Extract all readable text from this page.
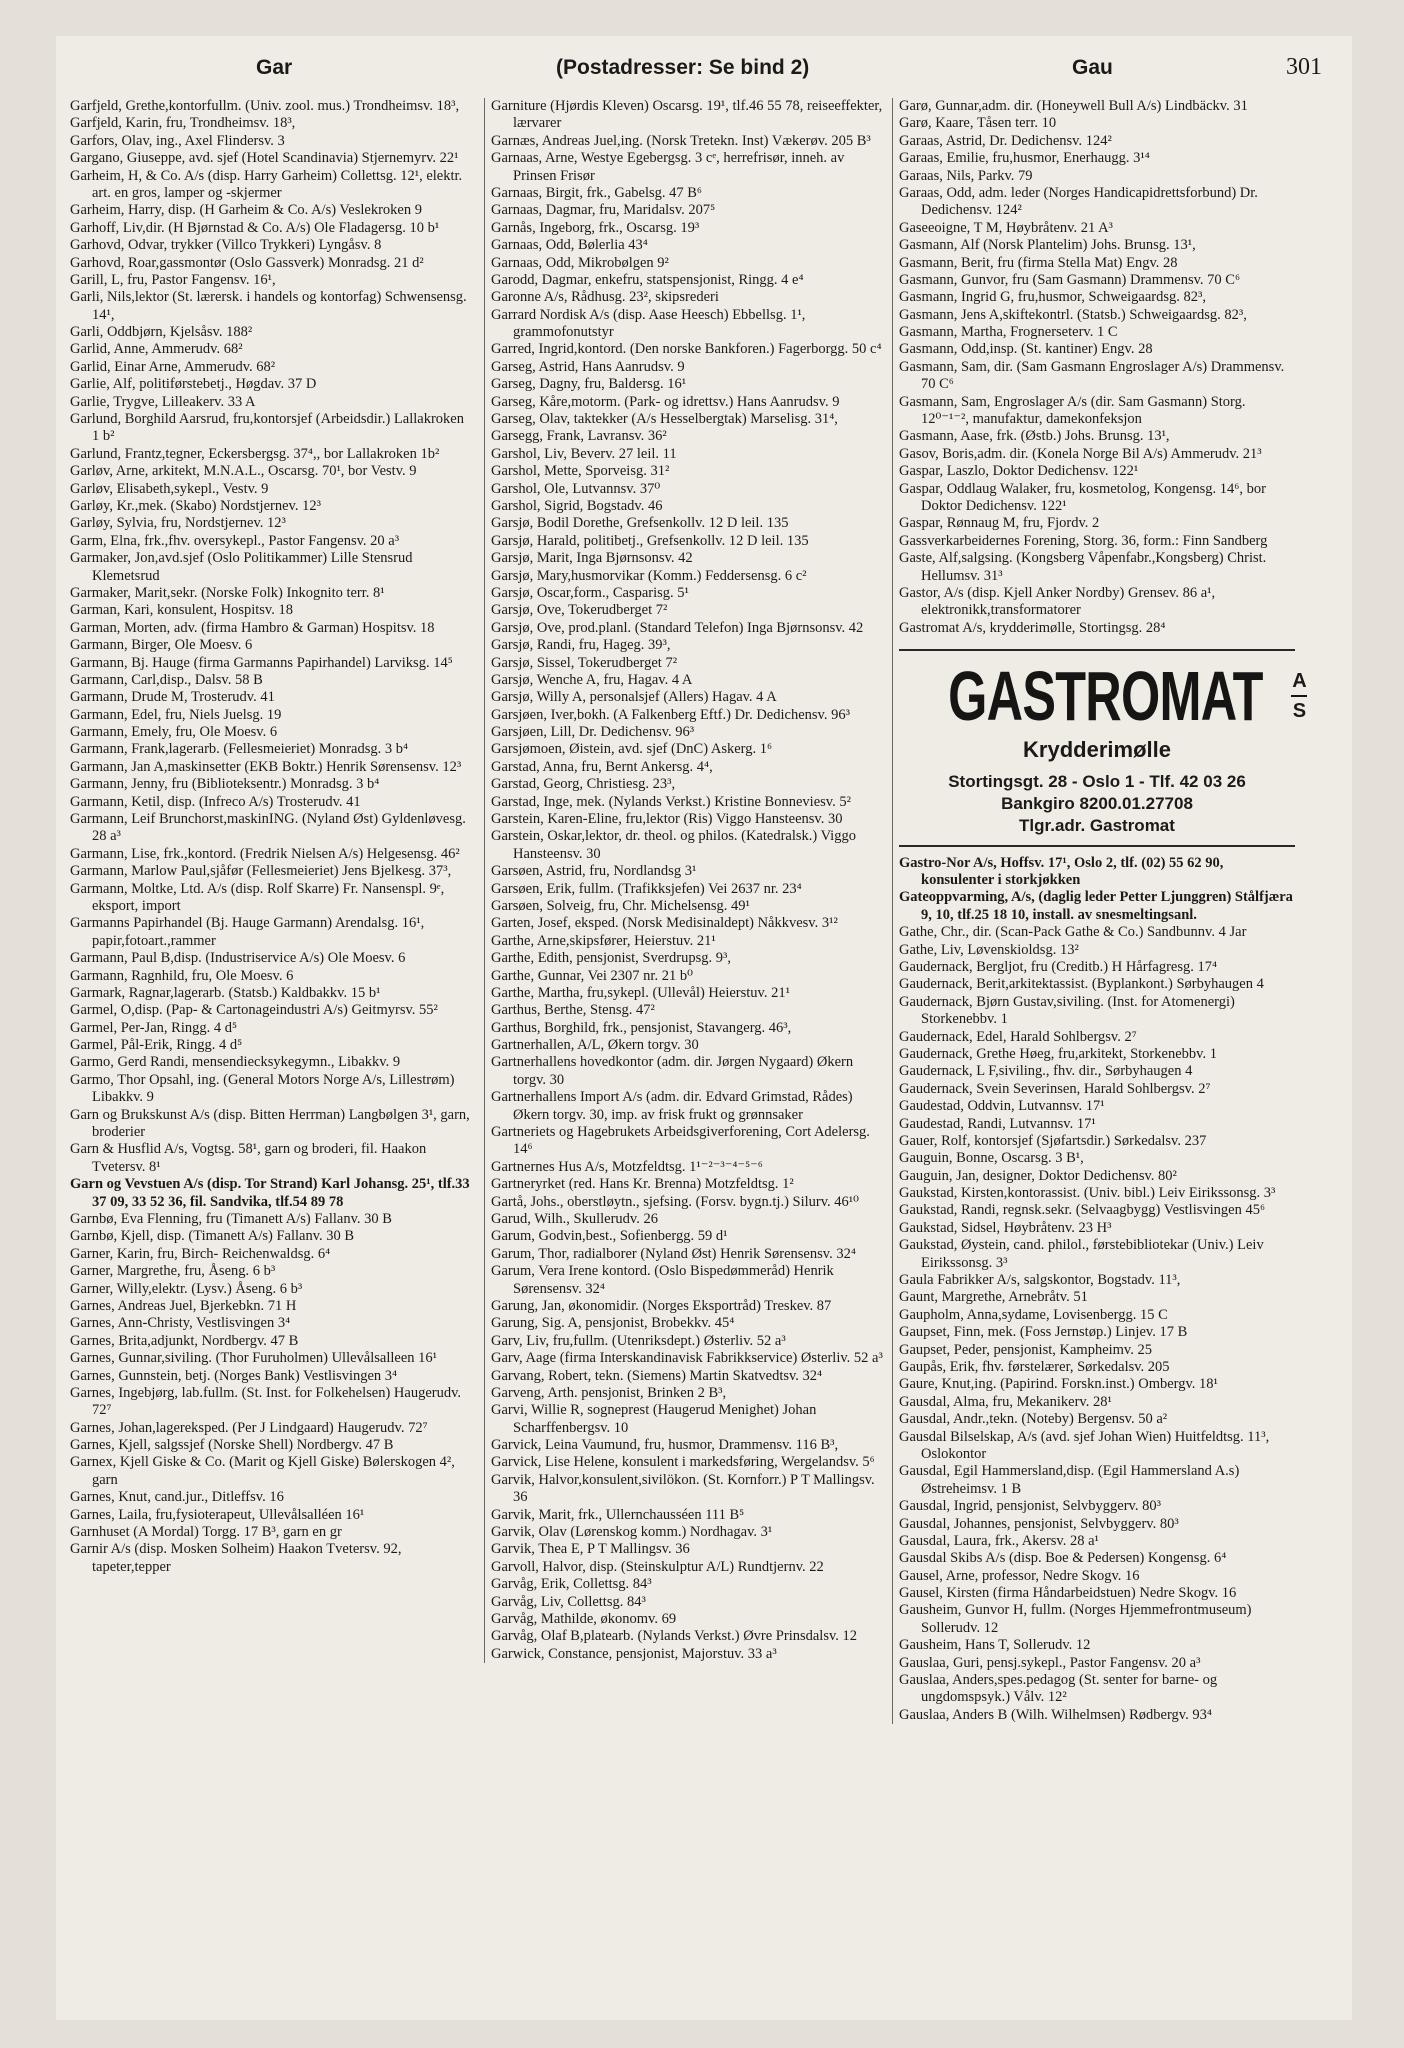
Gar	(Postadresser: Se bind 2)	Gau	301

Garfjeld, Grethe,kontorfullm. (Univ. zool. mus.) Trondheimsv. 18³,

Garfjeld, Karin, fru, Trondheimsv. 18³,

Garfors, Olav, ing., Axel Flindersv. 3

Gargano, Giuseppe, avd. sjef (Hotel Scandinavia) Stjernemyrv. 22¹

Garheim, H, & Co. A/s (disp. Harry Garheim) Collettsg. 12¹, elektr. art. en gros, lamper og -skjermer

Garheim, Harry, disp. (H Garheim & Co. A/s) Veslekroken 9

Garhoff, Liv,dir. (H Bjørnstad & Co. A/s) Ole Fladagersg. 10 b¹

Garhovd, Odvar, trykker (Villco Trykkeri) Lyngåsv. 8

Garhovd, Roar,gassmontør (Oslo Gassverk) Monradsg. 21 d²

Garill, L, fru, Pastor Fangensv. 16¹,

Garli, Nils,lektor (St. lærersk. i handels og kontorfag) Schwensensg. 14¹,

Garli, Oddbjørn, Kjelsåsv. 188²

Garlid, Anne, Ammerudv. 68²

Garlid, Einar Arne, Ammerudv. 68²

Garlie, Alf, politiførstebetj., Høgdav. 37 D

Garlie, Trygve, Lilleakerv. 33 A

Garlund, Borghild Aarsrud, fru,kontorsjef (Arbeidsdir.) Lallakroken 1 b²

Garlund, Frantz,tegner, Eckersbergsg. 37⁴,, bor Lallakroken 1b²

Garløv, Arne, arkitekt, M.N.A.L., Oscarsg. 70¹, bor Vestv. 9

Garløv, Elisabeth,sykepl., Vestv. 9

Garløy, Kr.,mek. (Skabo) Nordstjernev. 12³

Garløy, Sylvia, fru, Nordstjernev. 12³

Garm, Elna, frk.,fhv. oversykepl., Pastor Fangensv. 20 a³

Garmaker, Jon,avd.sjef (Oslo Politikammer) Lille Stensrud Klemetsrud

Garmaker, Marit,sekr. (Norske Folk) Inkognito terr. 8¹

Garman, Kari, konsulent, Hospitsv. 18

Garman, Morten, adv. (firma Hambro & Garman) Hospitsv. 18

Garmann, Birger, Ole Moesv. 6

Garmann, Bj. Hauge (firma Garmanns Papirhandel) Larviksg. 14⁵

Garmann, Carl,disp., Dalsv. 58 B

Garmann, Drude M, Trosterudv. 41

Garmann, Edel, fru, Niels Juelsg. 19

Garmann, Emely, fru, Ole Moesv. 6

Garmann, Frank,lagerarb. (Fellesmeieriet) Monradsg. 3 b⁴

Garmann, Jan A,maskinsetter (EKB Boktr.) Henrik Sørensensv. 12³

Garmann, Jenny, fru (Biblioteksentr.) Monradsg. 3 b⁴

Garmann, Ketil, disp. (Infreco A/s) Trosterudv. 41

Garmann, Leif Brunchorst,maskinING. (Nyland Øst) Gyldenløvesg. 28 a³

Garmann, Lise, frk.,kontord. (Fredrik Nielsen A/s) Helgesensg. 46²

Garmann, Marlow Paul,sjåfør (Fellesmeieriet) Jens Bjelkesg. 37³,

Garmann, Moltke, Ltd. A/s (disp. Rolf Skarre) Fr. Nansenspl. 9ᵉ, eksport, import

Garmanns Papirhandel (Bj. Hauge Garmann) Arendalsg. 16¹, papir,fotoart.,rammer

Garmann, Paul B,disp. (Industriservice A/s) Ole Moesv. 6

Garmann, Ragnhild, fru, Ole Moesv. 6

Garmark, Ragnar,lagerarb. (Statsb.) Kaldbakkv. 15 b¹

Garmel, O,disp. (Pap- & Cartonageindustri A/s) Geitmyrsv. 55²

Garmel, Per-Jan, Ringg. 4 d⁵

Garmel, Pål-Erik, Ringg. 4 d⁵

Garmo, Gerd Randi, mensendiecksykegymn., Libakkv. 9

Garmo, Thor Opsahl, ing. (General Motors Norge A/s, Lillestrøm) Libakkv. 9

Garn og Brukskunst A/s (disp. Bitten Herrman) Langbølgen 3¹, garn, broderier

Garn & Husflid A/s, Vogtsg. 58¹, garn og broderi, fil. Haakon Tvetersv. 8¹

Garn og Vevstuen A/s (disp. Tor Strand) Karl Johansg. 25¹, tlf.33 37 09, 33 52 36, fil. Sandvika, tlf.54 89 78

Garnbø, Eva Flenning, fru (Timanett A/s) Fallanv. 30 B

Garnbø, Kjell, disp. (Timanett A/s) Fallanv. 30 B

Garner, Karin, fru, Birch- Reichenwaldsg. 6⁴

Garner, Margrethe, fru, Åseng. 6 b³

Garner, Willy,elektr. (Lysv.) Åseng. 6 b³

Garnes, Andreas Juel, Bjerkebkn. 71 H

Garnes, Ann-Christy, Vestlisvingen 3⁴

Garnes, Brita,adjunkt, Nordbergv. 47 B

Garnes, Gunnar,siviling. (Thor Furuholmen) Ullevålsalleen 16¹

Garnes, Gunnstein, betj. (Norges Bank) Vestlisvingen 3⁴

Garnes, Ingebjørg, lab.fullm. (St. Inst. for Folkehelsen) Haugerudv. 72⁷

Garnes, Johan,lagereksped. (Per J Lindgaard) Haugerudv. 72⁷

Garnes, Kjell, salgssjef (Norske Shell) Nordbergv. 47 B

Garnex, Kjell Giske & Co. (Marit og Kjell Giske) Bølerskogen 4², garn

Garnes, Knut, cand.jur., Ditleffsv. 16

Garnes, Laila, fru,fysioterapeut, Ullevålsalléen 16¹

Garnhuset (A Mordal) Torgg. 17 B³, garn en gr

Garnir A/s (disp. Mosken Solheim) Haakon Tvetersv. 92, tapeter,tepper

Garniture (Hjørdis Kleven) Oscarsg. 19¹, tlf.46 55 78, reiseeffekter, lærvarer

Garnæs, Andreas Juel,ing. (Norsk Tretekn. Inst) Vækerøv. 205 B³

Garnaas, Arne, Westye Egebergsg. 3 cᵉ, herrefrisør, inneh. av Prinsen Frisør

Garnaas, Birgit, frk., Gabelsg. 47 B⁶

Garnaas, Dagmar, fru, Maridalsv. 207⁵

Garnås, Ingeborg, frk., Oscarsg. 19³

Garnaas, Odd, Bølerlia 43⁴

Garnaas, Odd, Mikrobølgen 9²

Garodd, Dagmar, enkefru, statspensjonist, Ringg. 4 e⁴

Garonne A/s, Rådhusg. 23², skipsrederi

Garrard Nordisk A/s (disp. Aase Heesch) Ebbellsg. 1¹, grammofonutstyr

Garred, Ingrid,kontord. (Den norske Bankforen.) Fagerborgg. 50 c⁴

Garseg, Astrid, Hans Aanrudsv. 9

Garseg, Dagny, fru, Baldersg. 16¹

Garseg, Kåre,motorm. (Park- og idrettsv.) Hans Aanrudsv. 9

Garseg, Olav, taktekker (A/s Hesselbergtak) Marselisg. 31⁴,

Garsegg, Frank, Lavransv. 36²

Garshol, Liv, Beverv. 27 leil. 11

Garshol, Mette, Sporveisg. 31²

Garshol, Ole, Lutvannsv. 37⁰

Garshol, Sigrid, Bogstadv. 46

Garsjø, Bodil Dorethe, Grefsenkollv. 12 D leil. 135

Garsjø, Harald, politibetj., Grefsenkollv. 12 D leil. 135

Garsjø, Marit, Inga Bjørnsonsv. 42

Garsjø, Mary,husmorvikar (Komm.) Feddersensg. 6 c²

Garsjø, Oscar,form., Casparisg. 5¹

Garsjø, Ove, Tokerudberget 7²

Garsjø, Ove, prod.planl. (Standard Telefon) Inga Bjørnsonsv. 42

Garsjø, Randi, fru, Hageg. 39³,

Garsjø, Sissel, Tokerudberget 7²

Garsjø, Wenche A, fru, Hagav. 4 A

Garsjø, Willy A, personalsjef (Allers) Hagav. 4 A

Garsjøen, Iver,bokh. (A Falkenberg Eftf.) Dr. Dedichensv. 96³

Garsjøen, Lill, Dr. Dedichensv. 96³

Garsjømoen, Øistein, avd. sjef (DnC) Askerg. 1⁶

Garstad, Anna, fru, Bernt Ankersg. 4⁴,

Garstad, Georg, Christiesg. 23³,

Garstad, Inge, mek. (Nylands Verkst.) Kristine Bonneviesv. 5²

Garstein, Karen-Eline, fru,lektor (Ris) Viggo Hansteensv. 30

Garstein, Oskar,lektor, dr. theol. og philos. (Katedralsk.) Viggo Hansteensv. 30

Garsøen, Astrid, fru, Nordlandsg 3¹

Garsøen, Erik, fullm. (Trafikksjefen) Vei 2637 nr. 23⁴

Garsøen, Solveig, fru, Chr. Michelsensg. 49¹

Garten, Josef, eksped. (Norsk Medisinaldept) Nåkkvesv. 3¹²

Garthe, Arne,skipsfører, Heierstuv. 21¹

Garthe, Edith, pensjonist, Sverdrupsg. 9³,

Garthe, Gunnar, Vei 2307 nr. 21 b⁰

Garthe, Martha, fru,sykepl. (Ullevål) Heierstuv. 21¹

Garthus, Berthe, Stensg. 47²

Garthus, Borghild, frk., pensjonist, Stavangerg. 46³,

Gartnerhallen, A/L, Økern torgv. 30

Gartnerhallens hovedkontor (adm. dir. Jørgen Nygaard) Økern torgv. 30

Gartnerhallens Import A/s (adm. dir. Edvard Grimstad, Rådes) Økern torgv. 30, imp. av frisk frukt og grønnsaker

Gartneriets og Hagebrukets Arbeidsgiverforening, Cort Adelersg. 14⁶

Gartnernes Hus A/s, Motzfeldtsg. 1¹⁻²⁻³⁻⁴⁻⁵⁻⁶

Gartneryrket (red. Hans Kr. Brenna) Motzfeldtsg. 1²

Gartå, Johs., oberstløytn., sjefsing. (Forsv. bygn.tj.) Silurv. 46¹⁰

Garud, Wilh., Skullerudv. 26

Garum, Godvin,best., Sofienbergg. 59 d¹

Garum, Thor, radialborer (Nyland Øst) Henrik Sørensensv. 32⁴

Garum, Vera Irene kontord. (Oslo Bispedømmeråd) Henrik Sørensensv. 32⁴

Garung, Jan, økonomidir. (Norges Eksportråd) Treskev. 87

Garung, Sig. A, pensjonist, Brobekkv. 45⁴

Garv, Liv, fru,fullm. (Utenriksdept.) Østerliv. 52 a³

Garv, Aage (firma Interskandinavisk Fabrikkservice) Østerliv. 52 a³

Garvang, Robert, tekn. (Siemens) Martin Skatvedtsv. 32⁴

Garveng, Arth. pensjonist, Brinken 2 B³,

Garvi, Willie R, sogneprest (Haugerud Menighet) Johan Scharffenbergsv. 10

Garvick, Leina Vaumund, fru, husmor, Drammensv. 116 B³,

Garvick, Lise Helene, konsulent i markedsføring, Wergelandsv. 5⁶

Garvik, Halvor,konsulent,sivilökon. (St. Kornforr.) P T Mallingsv. 36

Garvik, Marit, frk., Ullernchausséen 111 B⁵

Garvik, Olav (Lørenskog komm.) Nordhagav. 3¹

Garvik, Thea E, P T Mallingsv. 36

Garvoll, Halvor, disp. (Steinskulptur A/L) Rundtjernv. 22

Garvåg, Erik, Collettsg. 84³

Garvåg, Liv, Collettsg. 84³

Garvåg, Mathilde, økonomv. 69

Garvåg, Olaf B,platearb. (Nylands Verkst.) Øvre Prinsdalsv. 12

Garwick, Constance, pensjonist, Majorstuv. 33 a³

Garø, Gunnar,adm. dir. (Honeywell Bull A/s) Lindbäckv. 31

Garø, Kaare, Tåsen terr. 10

Garaas, Astrid, Dr. Dedichensv. 124²

Garaas, Emilie, fru,husmor, Enerhaugg. 3¹⁴

Garaas, Nils, Parkv. 79

Garaas, Odd, adm. leder (Norges Handicapidrettsforbund) Dr. Dedichensv. 124²

Gaseeoigne, T M, Høybråtenv. 21 A³

Gasmann, Alf (Norsk Plantelim) Johs. Brunsg. 13¹,

Gasmann, Berit, fru (firma Stella Mat) Engv. 28

Gasmann, Gunvor, fru (Sam Gasmann) Drammensv. 70 C⁶

Gasmann, Ingrid G, fru,husmor, Schweigaardsg. 82³,

Gasmann, Jens A,skiftekontrl. (Statsb.) Schweigaardsg. 82³,

Gasmann, Martha, Frognerseterv. 1 C

Gasmann, Odd,insp. (St. kantiner) Engv. 28

Gasmann, Sam, dir. (Sam Gasmann Engroslager A/s) Drammensv. 70 C⁶

Gasmann, Sam, Engroslager A/s (dir. Sam Gasmann) Storg. 12⁰⁻¹⁻², manufaktur, damekonfeksjon

Gasmann, Aase, frk. (Østb.) Johs. Brunsg. 13¹,

Gasov, Boris,adm. dir. (Konela Norge Bil A/s) Ammerudv. 21³

Gaspar, Laszlo, Doktor Dedichensv. 122¹

Gaspar, Oddlaug Walaker, fru, kosmetolog, Kongensg. 14⁶, bor Doktor Dedichensv. 122¹

Gaspar, Rønnaug M, fru, Fjordv. 2

Gassverkarbeidernes Forening, Storg. 36, form.: Finn Sandberg

Gaste, Alf,salgsing. (Kongsberg Våpenfabr.,Kongsberg) Christ. Hellumsv. 31³

Gastor, A/s (disp. Kjell Anker Nordby) Grensev. 86 a¹, elektronikk,transformatorer

Gastromat A/s, krydderimølle, Stortingsg. 28⁴

GASTROMAT A
S
Krydderimølle
Stortingsgt. 28 - Oslo 1 - Tlf. 42 03 26
Bankgiro 8200.01.27708
Tlgr.adr. Gastromat

Gastro-Nor A/s, Hoffsv. 17¹, Oslo 2, tlf. (02) 55 62 90, konsulenter i storkjøkken

Gateoppvarming, A/s, (daglig leder Petter Ljunggren) Stålfjæra 9, 10, tlf.25 18 10, install. av snesmeltingsanl.

Gathe, Chr., dir. (Scan-Pack Gathe & Co.) Sandbunnv. 4 Jar

Gathe, Liv, Løvenskioldsg. 13²

Gaudernack, Bergljot, fru (Creditb.) H Hårfagresg. 17⁴

Gaudernack, Berit,arkitektassist. (Byplankont.) Sørbyhaugen 4

Gaudernack, Bjørn Gustav,siviling. (Inst. for Atomenergi) Storkenebbv. 1

Gaudernack, Edel, Harald Sohlbergsv. 2⁷

Gaudernack, Grethe Høeg, fru,arkitekt, Storkenebbv. 1

Gaudernack, L F,siviling., fhv. dir., Sørbyhaugen 4

Gaudernack, Svein Severinsen, Harald Sohlbergsv. 2⁷

Gaudestad, Oddvin, Lutvannsv. 17¹

Gaudestad, Randi, Lutvannsv. 17¹

Gauer, Rolf, kontorsjef (Sjøfartsdir.) Sørkedalsv. 237

Gauguin, Bonne, Oscarsg. 3 B¹,

Gauguin, Jan, designer, Doktor Dedichensv. 80²

Gaukstad, Kirsten,kontorassist. (Univ. bibl.) Leiv Eirikssonsg. 3³

Gaukstad, Randi, regnsk.sekr. (Selvaagbygg) Vestlisvingen 45⁶

Gaukstad, Sidsel, Høybråtenv. 23 H³

Gaukstad, Øystein, cand. philol., førstebibliotekar (Univ.) Leiv Eirikssonsg. 3³

Gaula Fabrikker A/s, salgskontor, Bogstadv. 11³,

Gaunt, Margrethe, Arnebråtv. 51

Gaupholm, Anna,sydame, Lovisenbergg. 15 C

Gaupset, Finn, mek. (Foss Jernstøp.) Linjev. 17 B

Gaupset, Peder, pensjonist, Kampheimv. 25

Gaupås, Erik, fhv. førstelærer, Sørkedalsv. 205

Gaure, Knut,ing. (Papirind. Forskn.inst.) Ombergv. 18¹

Gausdal, Alma, fru, Mekanikerv. 28¹

Gausdal, Andr.,tekn. (Noteby) Bergensv. 50 a²

Gausdal Bilselskap, A/s (avd. sjef Johan Wien) Huitfeldtsg. 11³, Oslokontor

Gausdal, Egil Hammersland,disp. (Egil Hammersland A.s) Østreheimsv. 1 B

Gausdal, Ingrid, pensjonist, Selvbyggerv. 80³

Gausdal, Johannes, pensjonist, Selvbyggerv. 80³

Gausdal, Laura, frk., Akersv. 28 a¹

Gausdal Skibs A/s (disp. Boe & Pedersen) Kongensg. 6⁴

Gausel, Arne, professor, Nedre Skogv. 16

Gausel, Kirsten (firma Håndarbeidstuen) Nedre Skogv. 16

Gausheim, Gunvor H, fullm. (Norges Hjemmefrontmuseum) Sollerudv. 12

Gausheim, Hans T, Sollerudv. 12

Gauslaa, Guri, pensj.sykepl., Pastor Fangensv. 20 a³

Gauslaa, Anders,spes.pedagog (St. senter for barne- og ungdomspsyk.) Vålv. 12²

Gauslaa, Anders B (Wilh. Wilhelmsen) Rødbergv. 93⁴
